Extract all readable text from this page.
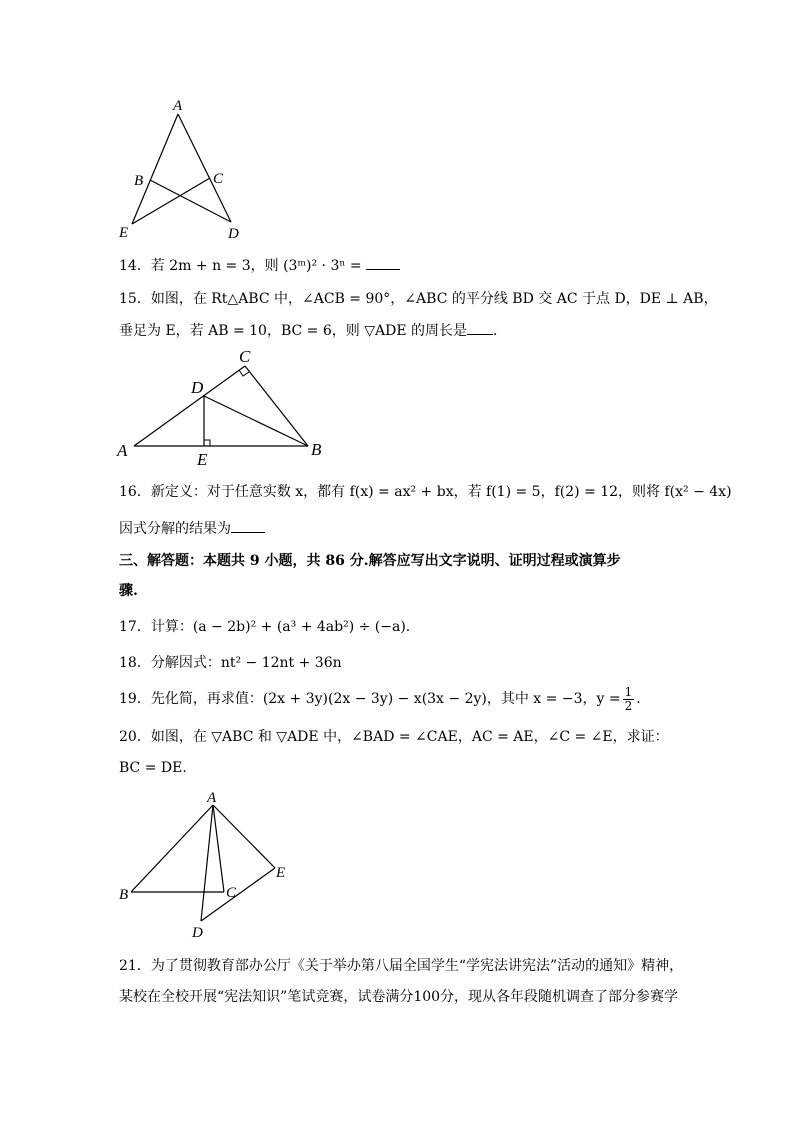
A
B	C
D
E
14．若 2m + n = 3，则 (3ᵐ)² · 3ⁿ =
15．如图，在 Rt△ABC 中，∠ACB = 90°，∠ABC 的平分线 BD 交 AC 于点 D，DE ⊥ AB，
垂足为 E，若 AB = 10，BC = 6，则 ▽ADE 的周长是 .
A	B
C
D
E
16．新定义：对于任意实数 x，都有 f(x) = ax² + bx，若 f(1) = 5，f(2) = 12，则将 f(x² − 4x)
因式分解的结果为
三、解答题：本题共 9 小题，共 86 分.解答应写出文字说明、证明过程或演算步
骤.
17．计算：(a − 2b)² + (a³ + 4ab²) ÷ (−a).
18．分解因式：nt² − 12nt + 36n
19．先化简，再求值：(2x + 3y)(2x − 3y) − x(3x − 2y)，其中 x = −3，$y = \frac{1}{2}$ .
20．如图，在 ▽ABC 和 ▽ADE 中，∠BAD = ∠CAE，AC = AE，∠C = ∠E，求证：
BC = DE.
A
B	C
D
E
21．为了贯彻教育部办公厅《关于举办第八届全国学生“学宪法讲宪法”活动的通知》精神，
某校在全校开展“宪法知识”笔试竞赛，试卷满分100分，现从各年段随机调查了部分参赛学
